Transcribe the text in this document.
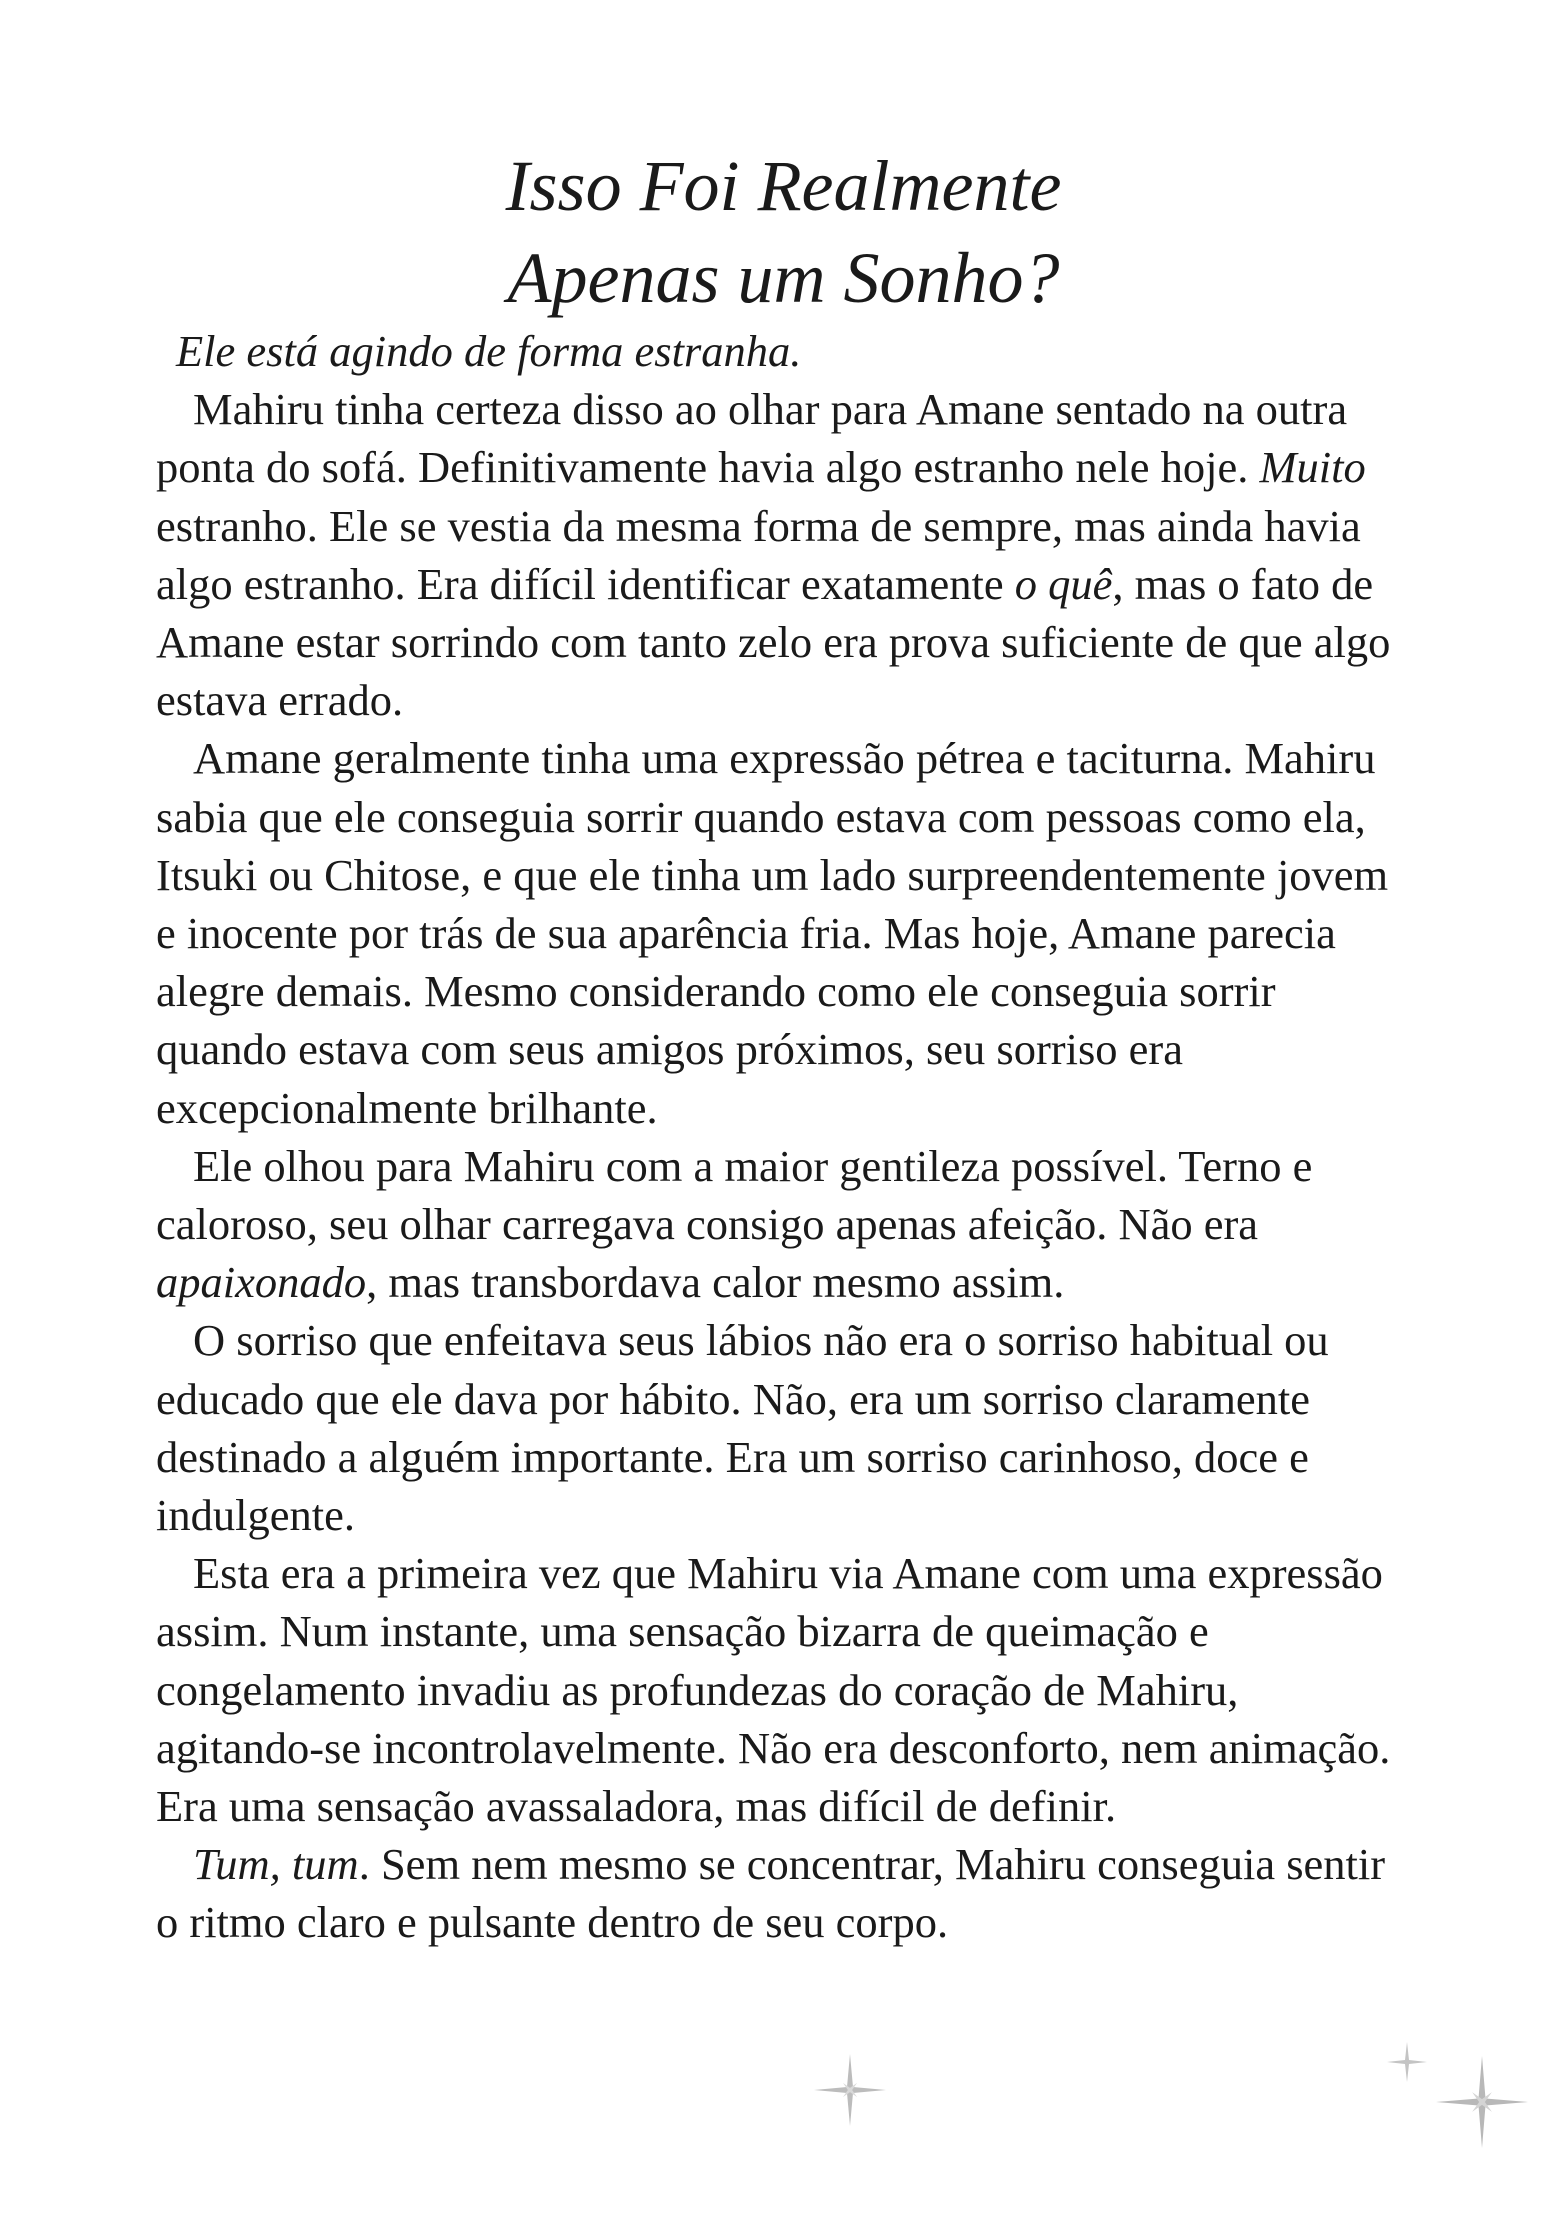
Isso Foi Realmente
Apenas um Sonho?

Ele está agindo de forma estranha.

Mahiru tinha certeza disso ao olhar para Amane sentado na outra ponta do sofá. Definitivamente havia algo estranho nele hoje. Muito estranho. Ele se vestia da mesma forma de sempre, mas ainda havia algo estranho. Era difícil identificar exatamente o quê, mas o fato de Amane estar sorrindo com tanto zelo era prova suficiente de que algo estava errado.

Amane geralmente tinha uma expressão pétrea e taciturna. Mahiru sabia que ele conseguia sorrir quando estava com pessoas como ela, Itsuki ou Chitose, e que ele tinha um lado surpreendentemente jovem e inocente por trás de sua aparência fria. Mas hoje, Amane parecia alegre demais. Mesmo considerando como ele conseguia sorrir quando estava com seus amigos próximos, seu sorriso era excepcionalmente brilhante.

Ele olhou para Mahiru com a maior gentileza possível. Terno e caloroso, seu olhar carregava consigo apenas afeição. Não era apaixonado, mas transbordava calor mesmo assim.

O sorriso que enfeitava seus lábios não era o sorriso habitual ou educado que ele dava por hábito. Não, era um sorriso claramente destinado a alguém importante. Era um sorriso carinhoso, doce e indulgente.

Esta era a primeira vez que Mahiru via Amane com uma expressão assim. Num instante, uma sensação bizarra de queimação e congelamento invadiu as profundezas do coração de Mahiru, agitando-se incontrolavelmente. Não era desconforto, nem animação. Era uma sensação avassaladora, mas difícil de definir.

Tum, tum. Sem nem mesmo se concentrar, Mahiru conseguia sentir o ritmo claro e pulsante dentro de seu corpo.
